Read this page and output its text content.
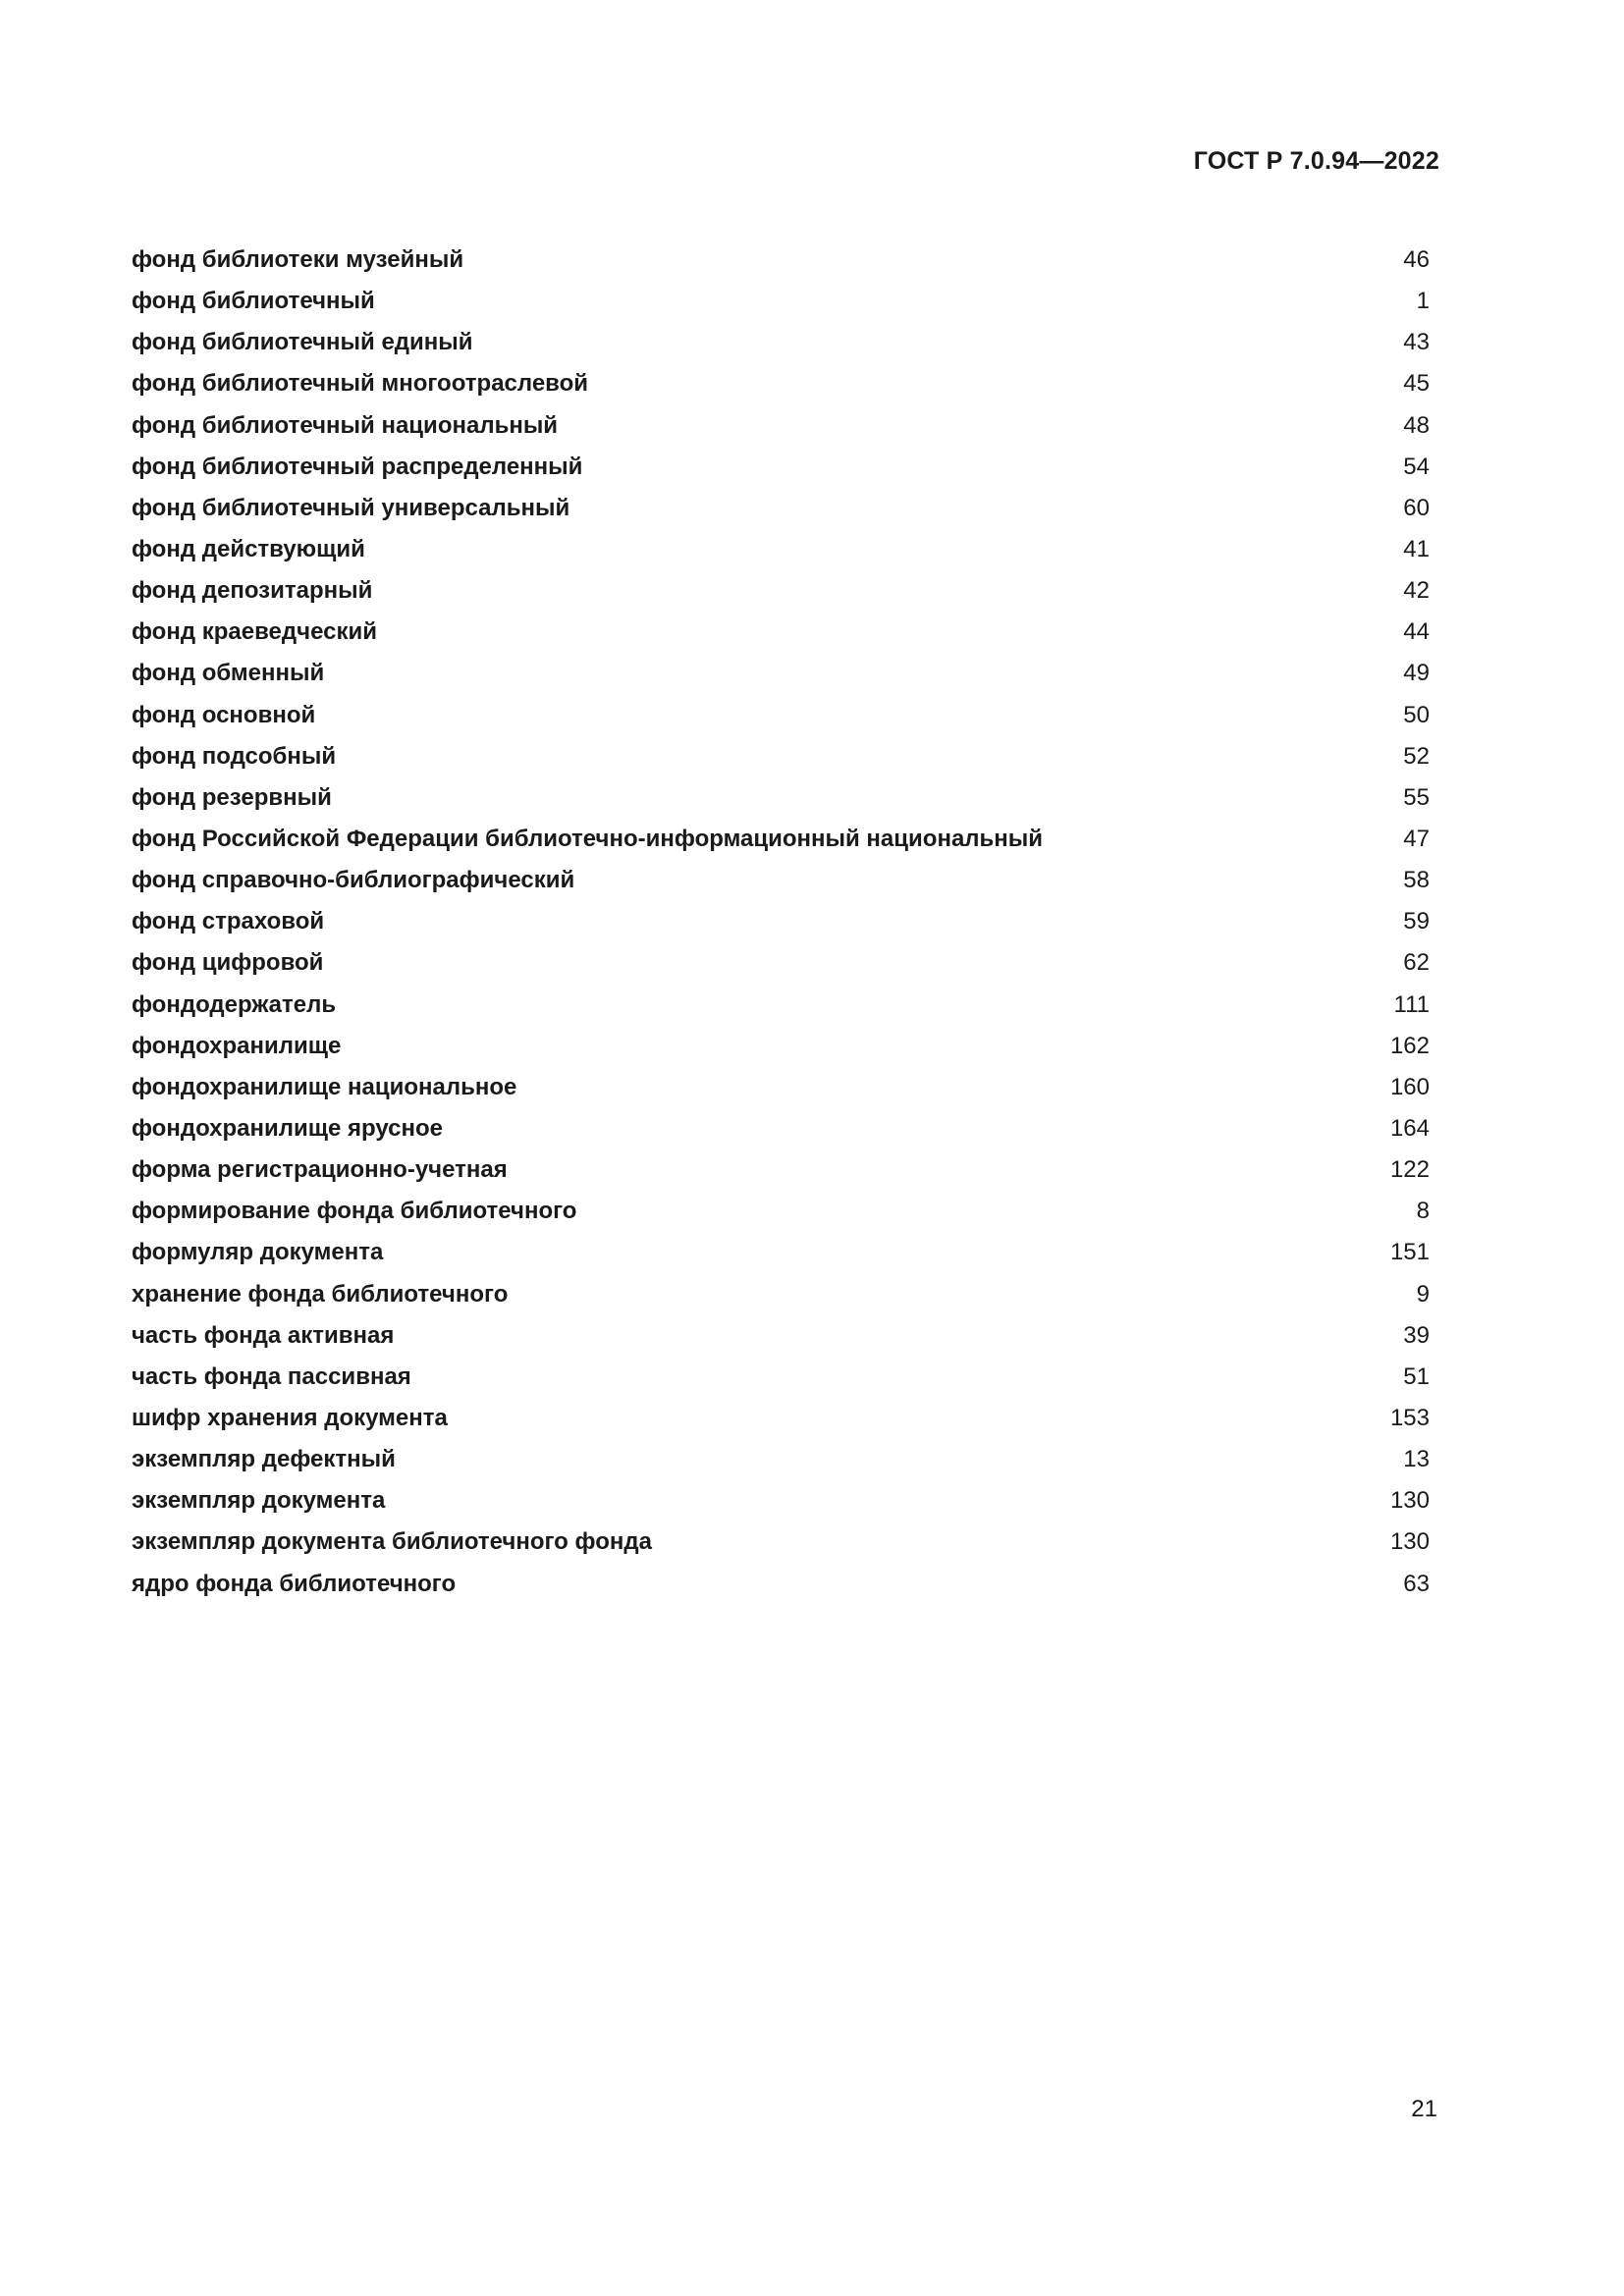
ГОСТ Р 7.0.94—2022
фонд библиотеки музейный	46
фонд библиотечный	1
фонд библиотечный единый	43
фонд библиотечный многоотраслевой	45
фонд библиотечный национальный	48
фонд библиотечный распределенный	54
фонд библиотечный универсальный	60
фонд действующий	41
фонд депозитарный	42
фонд краеведческий	44
фонд обменный	49
фонд основной	50
фонд подсобный	52
фонд резервный	55
фонд Российской Федерации библиотечно-информационный национальный	47
фонд справочно-библиографический	58
фонд страховой	59
фонд цифровой	62
фондодержатель	111
фондохранилище	162
фондохранилище национальное	160
фондохранилище ярусное	164
форма регистрационно-учетная	122
формирование фонда библиотечного	8
формуляр документа	151
хранение фонда библиотечного	9
часть фонда активная	39
часть фонда пассивная	51
шифр хранения документа	153
экземпляр дефектный	13
экземпляр документа	130
экземпляр документа библиотечного фонда	130
ядро фонда библиотечного	63
21
